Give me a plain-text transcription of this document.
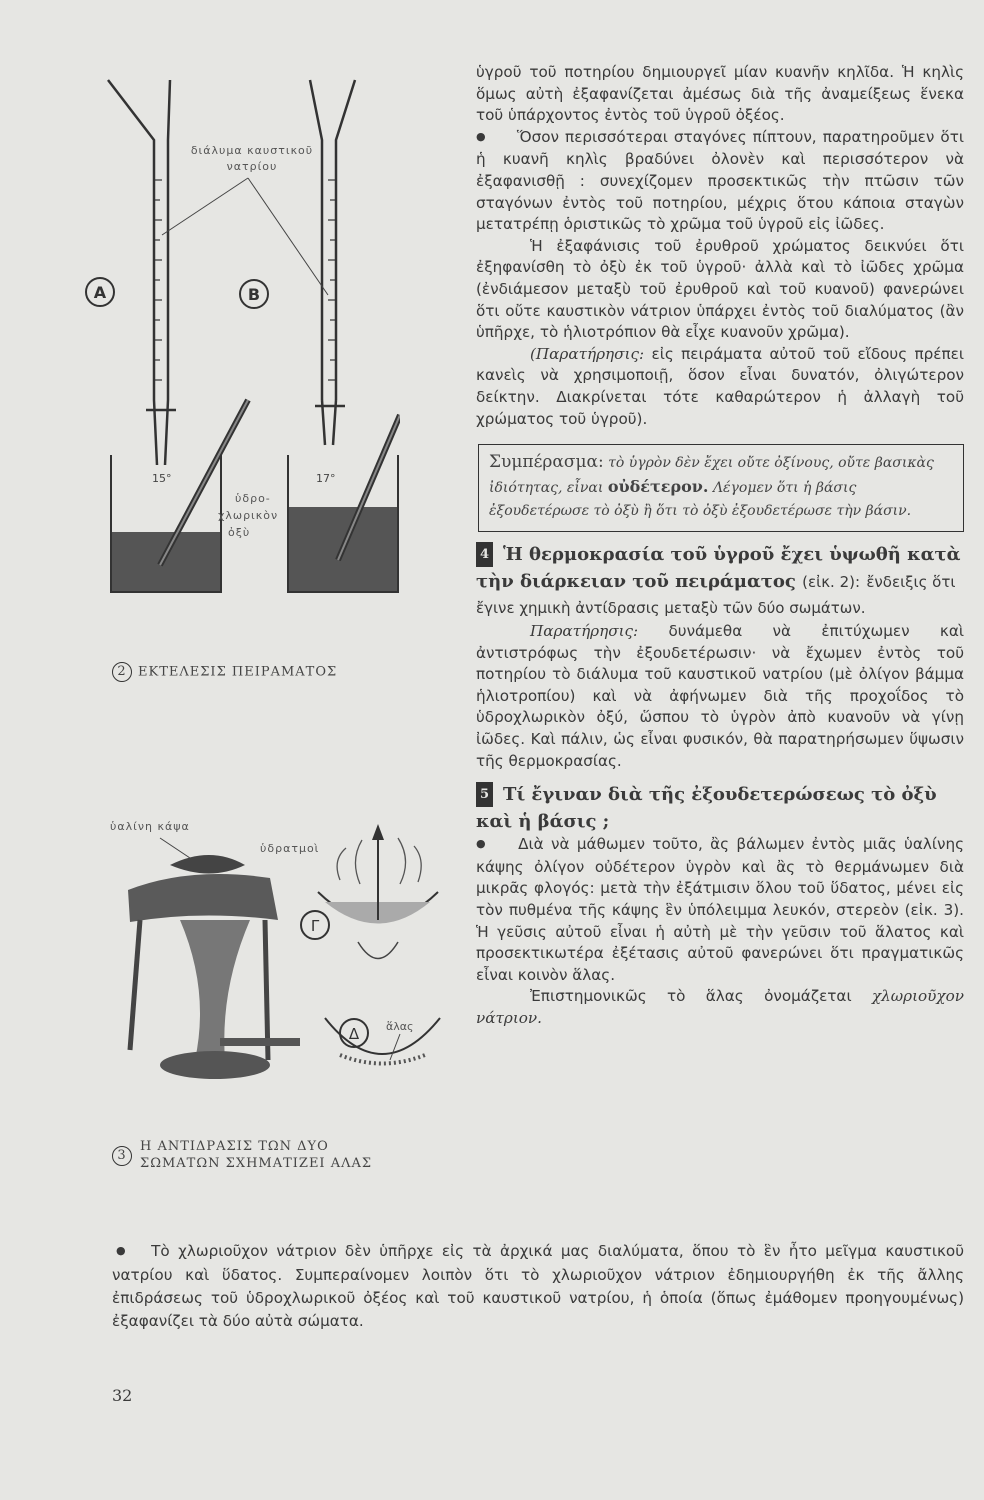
διάλυμα καυστικοῦ
νατρίου
A	B
15°
ὑδρο-
χλωρικὸν
ὀξὺ
17°
2 ΕΚΤΕΛΕΣΙΣ ΠΕΙΡΑΜΑΤΟΣ
ὑαλίνη κάψα
ὑδρατμοὶ
Γ
Δ ἅλας
3
Η ΑΝΤΙΔΡΑΣΙΣ ΤΩΝ ΔΥΟ
ΣΩΜΑΤΩΝ ΣΧΗΜΑΤΙΖΕΙ ΑΛΑΣ

ὑγροῦ τοῦ ποτηρίου δημιουργεῖ μίαν κυανῆν κηλῖδα. Ἡ κηλὶς ὅμως αὐτὴ ἐξαφανίζεται ἀμέσως διὰ τῆς ἀναμείξεως ἕνεκα τοῦ ὑπάρχοντος ἐντὸς τοῦ ὑγροῦ ὀξέος.

● Ὅσον περισσότεραι σταγόνες πίπτουν, παρατηροῦμεν ὅτι ἡ κυανῆ κηλὶς βραδύνει ὀλονὲν καὶ περισσότερον νὰ ἐξαφανισθῇ : συνεχίζομεν προσεκτικῶς τὴν πτῶσιν τῶν σταγόνων ἐντὸς τοῦ ποτηρίου, μέχρις ὅτου κάποια σταγὼν μετατρέπῃ ὁριστικῶς τὸ χρῶμα τοῦ ὑγροῦ εἰς ἰῶδες.

Ἡ ἐξαφάνισις τοῦ ἐρυθροῦ χρώματος δεικνύει ὅτι ἐξηφανίσθη τὸ ὀξὺ ἐκ τοῦ ὑγροῦ· ἀλλὰ καὶ τὸ ἰῶδες χρῶμα (ἐνδιάμεσον μεταξὺ τοῦ ἐρυθροῦ καὶ τοῦ κυανοῦ) φανερώνει ὅτι οὔτε καυστικὸν νάτριον ὑπάρχει ἐντὸς τοῦ διαλύματος (ἂν ὑπῆρχε, τὸ ἡλιοτρόπιον θὰ εἶχε κυανοῦν χρῶμα).

(Παρατήρησις: εἰς πειράματα αὐτοῦ τοῦ εἴδους πρέπει κανεὶς νὰ χρησιμοποιῇ, ὅσον εἶναι δυνατόν, ὀλιγώτερον δείκτην. Διακρίνεται τότε καθαρώτερον ἡ ἀλλαγὴ τοῦ χρώματος τοῦ ὑγροῦ).

Συμπέρασμα: τὸ ὑγρὸν δὲν ἔχει οὔτε ὀξίνους, οὔτε βασικὰς ἰδιότητας, εἶναι οὐδέτερον. Λέγομεν ὅτι ἡ βάσις ἐξουδετέρωσε τὸ ὀξὺ ἢ ὅτι τὸ ὀξὺ ἐξουδετέρωσε τὴν βάσιν.

4 Ἡ θερμοκρασία τοῦ ὑγροῦ ἔχει ὑψωθῆ κατὰ τὴν διάρκειαν τοῦ πειράματος (εἰκ. 2): ἔνδειξις ὅτι ἔγινε χημικὴ ἀντίδρασις μεταξὺ τῶν δύο σωμάτων.

Παρατήρησις: δυνάμεθα νὰ ἐπιτύχωμεν καὶ ἀντιστρόφως τὴν ἐξουδετέρωσιν· νὰ ἔχωμεν ἐντὸς τοῦ ποτηρίου τὸ διάλυμα τοῦ καυστικοῦ νατρίου (μὲ ὀλίγον βάμμα ἡλιοτροπίου) καὶ νὰ ἀφήνωμεν διὰ τῆς προχοΐδος τὸ ὑδροχλωρικὸν ὀξύ, ὥσπου τὸ ὑγρὸν ἀπὸ κυανοῦν νὰ γίνῃ ἰῶδες. Καὶ πάλιν, ὡς εἶναι φυσικόν, θὰ παρατηρήσωμεν ὕψωσιν τῆς θερμοκρασίας.

5 Τί ἔγιναν διὰ τῆς ἐξουδετερώσεως τὸ ὀξὺ καὶ ἡ βάσις ;

● Διὰ νὰ μάθωμεν τοῦτο, ἂς βάλωμεν ἐντὸς μιᾶς ὑαλίνης κάψης ὀλίγον οὐδέτερον ὑγρὸν καὶ ἂς τὸ θερμάνωμεν διὰ μικρᾶς φλογός: μετὰ τὴν ἐξάτμισιν ὅλου τοῦ ὕδατος, μένει εἰς τὸν πυθμένα τῆς κάψης ἓν ὑπόλειμμα λευκόν, στερεὸν (εἰκ. 3). Ἡ γεῦσις αὐτοῦ εἶναι ἡ αὐτὴ μὲ τὴν γεῦσιν τοῦ ἅλατος καὶ προσεκτικωτέρα ἐξέτασις αὐτοῦ φανερώνει ὅτι πραγματικῶς εἶναι κοινὸν ἅλας.

Ἐπιστημονικῶς τὸ ἅλας ὀνομάζεται χλωριοῦχον νάτριον.

● Τὸ χλωριοῦχον νάτριον δὲν ὑπῆρχε εἰς τὰ ἀρχικά μας διαλύματα, ὅπου τὸ ἓν ἦτο μεῖγμα καυστικοῦ νατρίου καὶ ὕδατος. Συμπεραίνομεν λοιπὸν ὅτι τὸ χλωριοῦχον νάτριον ἐδημιουργήθη ἐκ τῆς ἄλλης ἐπιδράσεως τοῦ ὑδροχλωρικοῦ ὀξέος καὶ τοῦ καυστικοῦ νατρίου, ἡ ὁποία (ὅπως ἐμάθομεν προηγουμένως) ἐξαφανίζει τὰ δύο αὐτὰ σώματα.

32
